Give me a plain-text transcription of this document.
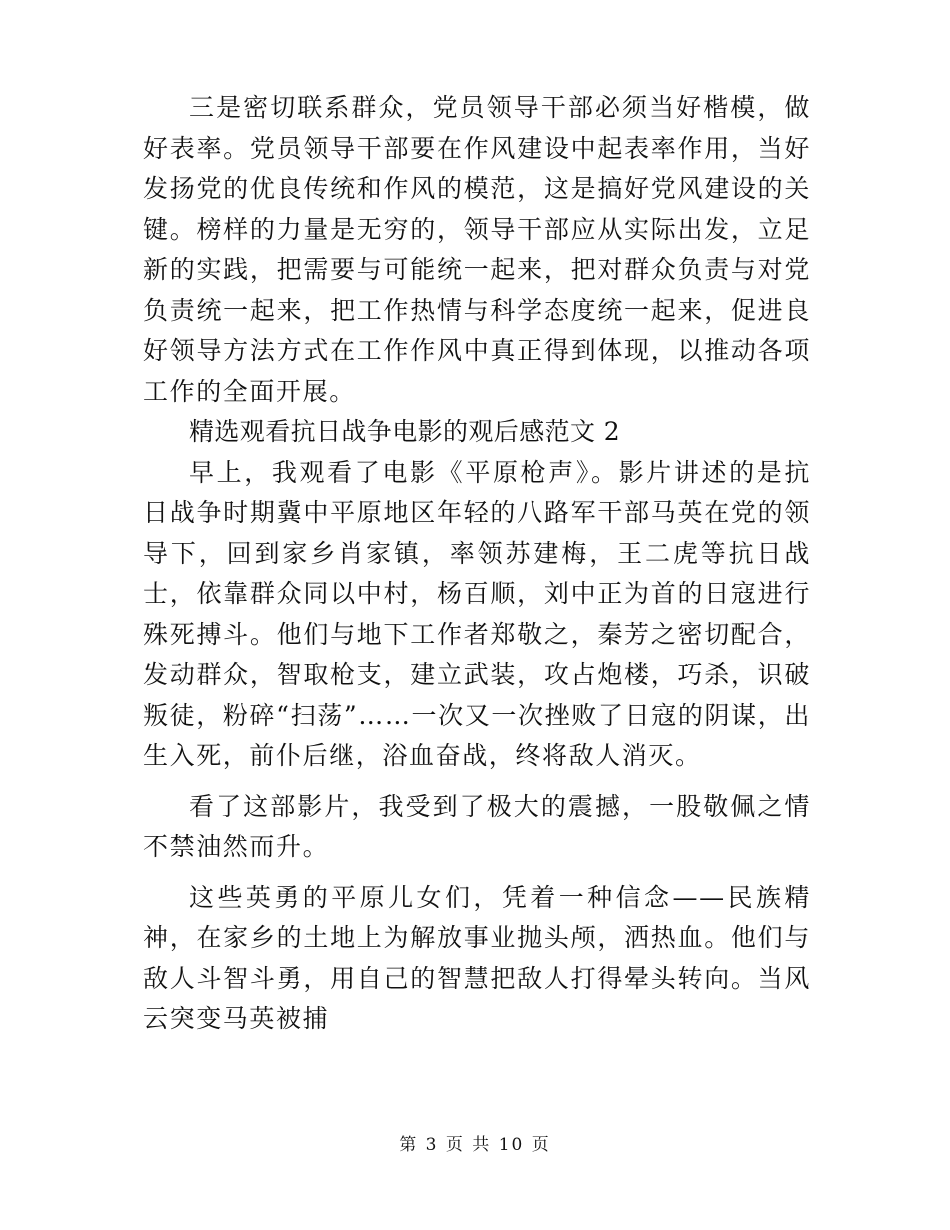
三是密切联系群众，党员领导干部必须当好楷模，做好表率。党员领导干部要在作风建设中起表率作用，当好发扬党的优良传统和作风的模范，这是搞好党风建设的关键。榜样的力量是无穷的，领导干部应从实际出发，立足新的实践，把需要与可能统一起来，把对群众负责与对党负责统一起来，把工作热情与科学态度统一起来，促进良好领导方法方式在工作作风中真正得到体现，以推动各项工作的全面开展。

精选观看抗日战争电影的观后感范文 2

早上，我观看了电影《平原枪声》。影片讲述的是抗日战争时期冀中平原地区年轻的八路军干部马英在党的领导下，回到家乡肖家镇，率领苏建梅，王二虎等抗日战士，依靠群众同以中村，杨百顺，刘中正为首的日寇进行殊死搏斗。他们与地下工作者郑敬之，秦芳之密切配合，发动群众，智取枪支，建立武装，攻占炮楼，巧杀，识破叛徒，粉碎“扫荡”……一次又一次挫败了日寇的阴谋，出生入死，前仆后继，浴血奋战，终将敌人消灭。

看了这部影片，我受到了极大的震撼，一股敬佩之情不禁油然而升。

这些英勇的平原儿女们，凭着一种信念——民族精神，在家乡的土地上为解放事业抛头颅，洒热血。他们与敌人斗智斗勇，用自己的智慧把敌人打得晕头转向。当风云突变马英被捕

第 3 页 共 10 页
